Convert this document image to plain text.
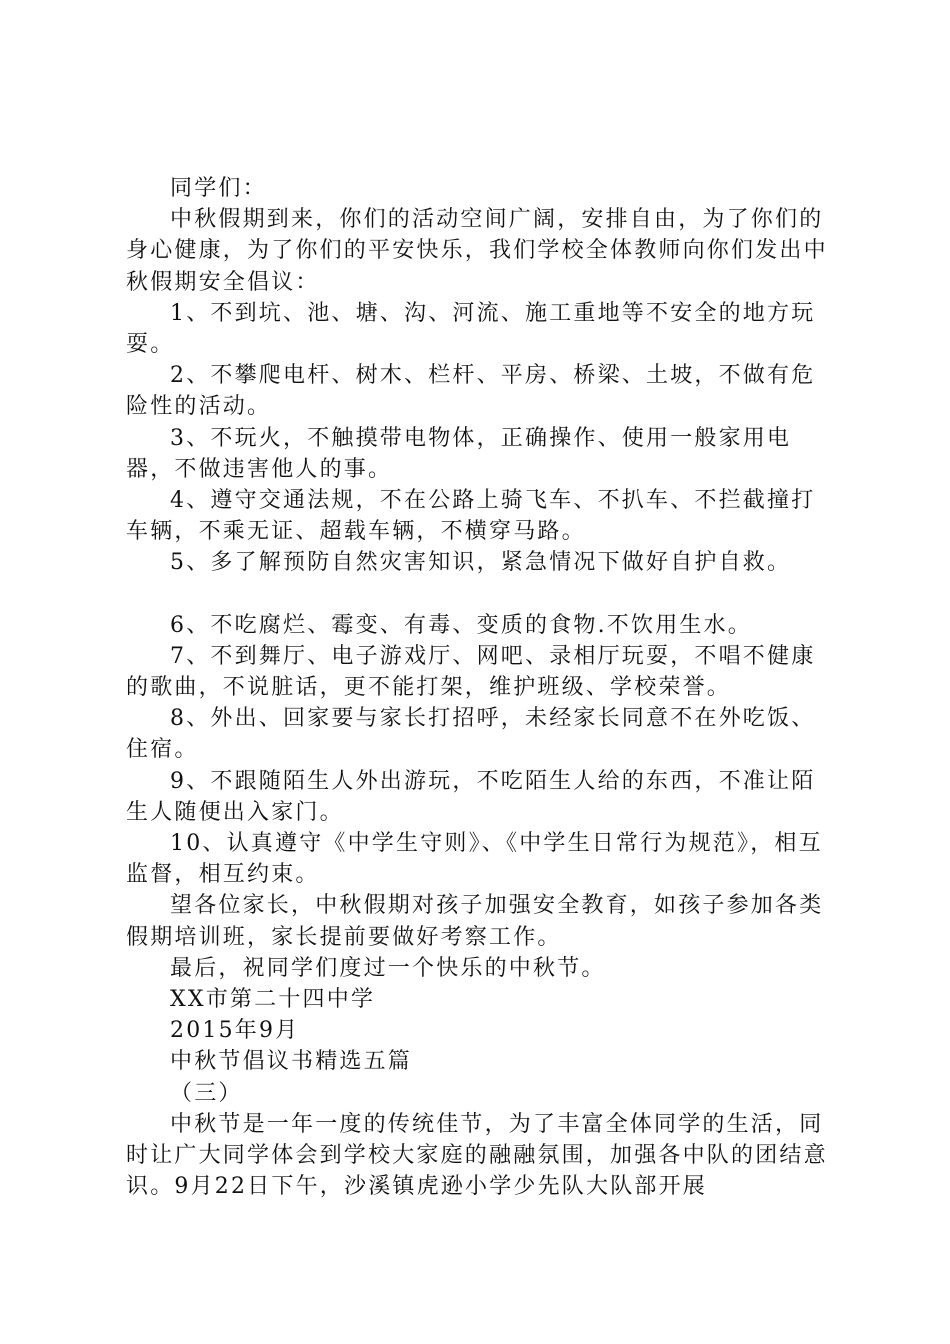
同学们：

中秋假期到来，你们的活动空间广阔，安排自由，为了你们的身心健康，为了你们的平安快乐，我们学校全体教师向你们发出中秋假期安全倡议：

1、不到坑、池、塘、沟、河流、施工重地等不安全的地方玩耍。

2、不攀爬电杆、树木、栏杆、平房、桥梁、土坡，不做有危险性的活动。

3、不玩火，不触摸带电物体，正确操作、使用一般家用电器，不做违害他人的事。

4、遵守交通法规，不在公路上骑飞车、不扒车、不拦截撞打车辆，不乘无证、超载车辆，不横穿马路。

5、多了解预防自然灾害知识，紧急情况下做好自护自救。

6、不吃腐烂、霉变、有毒、变质的食物.不饮用生水。

7、不到舞厅、电子游戏厅、网吧、录相厅玩耍，不唱不健康的歌曲，不说脏话，更不能打架，维护班级、学校荣誉。

8、外出、回家要与家长打招呼，未经家长同意不在外吃饭、住宿。

9、不跟随陌生人外出游玩，不吃陌生人给的东西，不准让陌生人随便出入家门。

10、认真遵守《中学生守则》、《中学生日常行为规范》，相互监督，相互约束。

望各位家长，中秋假期对孩子加强安全教育，如孩子参加各类假期培训班，家长提前要做好考察工作。

最后，祝同学们度过一个快乐的中秋节。

XX市第二十四中学

2015年9月

中秋节倡议书精选五篇

（三）

中秋节是一年一度的传统佳节，为了丰富全体同学的生活，同时让广大同学体会到学校大家庭的融融氛围，加强各中队的团结意识。9月22日下午，沙溪镇虎逊小学少先队大队部开展
